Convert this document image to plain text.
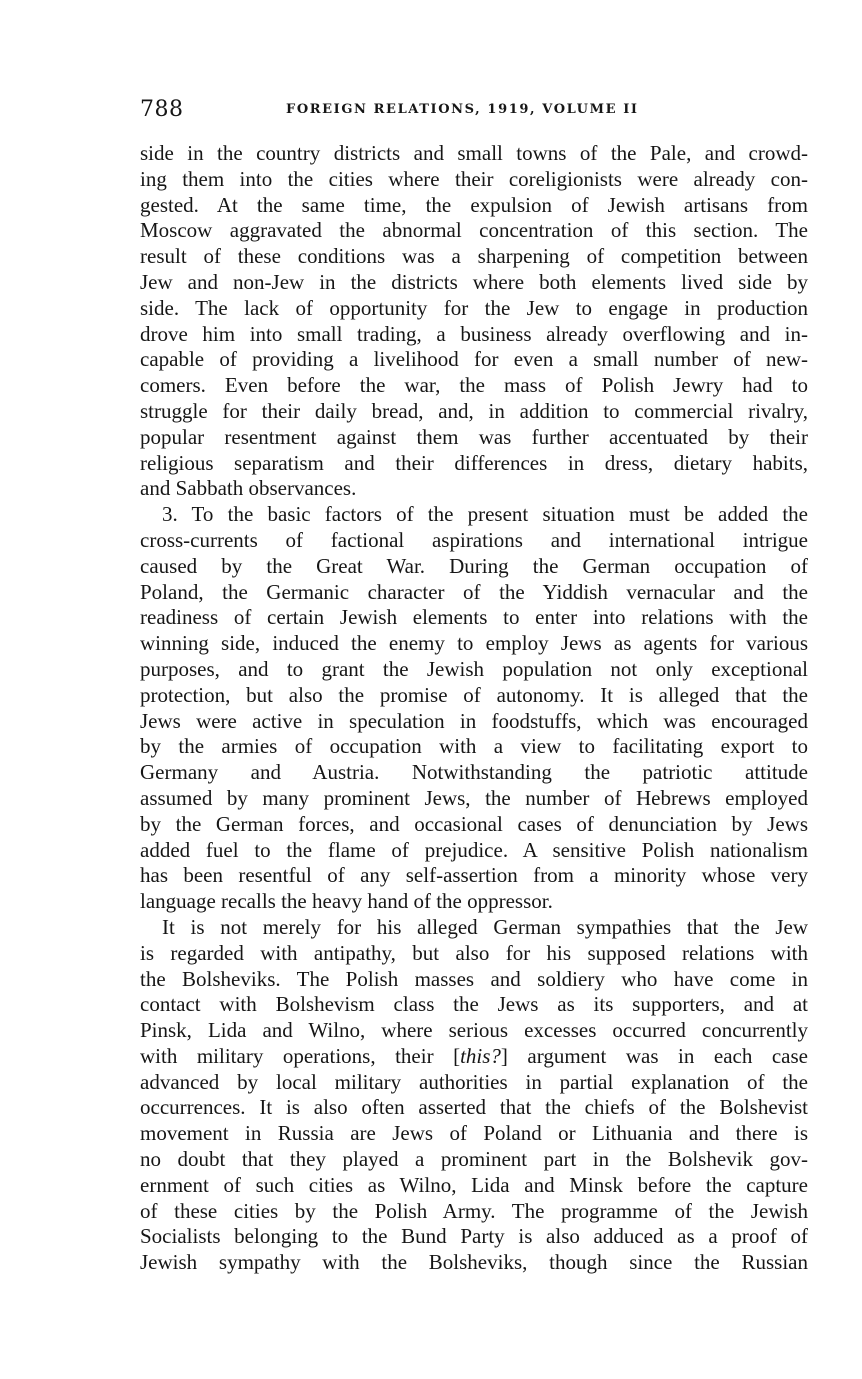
788	FOREIGN RELATIONS, 1919, VOLUME II
side in the country districts and small towns of the Pale, and crowd-
ing them into the cities where their coreligionists were already con-
gested. At the same time, the expulsion of Jewish artisans from
Moscow aggravated the abnormal concentration of this section. The
result of these conditions was a sharpening of competition between
Jew and non-Jew in the districts where both elements lived side by
side. The lack of opportunity for the Jew to engage in production
drove him into small trading, a business already overflowing and in-
capable of providing a livelihood for even a small number of new-
comers. Even before the war, the mass of Polish Jewry had to
struggle for their daily bread, and, in addition to commercial rivalry,
popular resentment against them was further accentuated by their
religious separatism and their differences in dress, dietary habits,
and Sabbath observances.
3. To the basic factors of the present situation must be added the
cross-currents of factional aspirations and international intrigue
caused by the Great War. During the German occupation of
Poland, the Germanic character of the Yiddish vernacular and the
readiness of certain Jewish elements to enter into relations with the
winning side, induced the enemy to employ Jews as agents for various
purposes, and to grant the Jewish population not only exceptional
protection, but also the promise of autonomy. It is alleged that the
Jews were active in speculation in foodstuffs, which was encouraged
by the armies of occupation with a view to facilitating export to
Germany and Austria. Notwithstanding the patriotic attitude
assumed by many prominent Jews, the number of Hebrews employed
by the German forces, and occasional cases of denunciation by Jews
added fuel to the flame of prejudice. A sensitive Polish nationalism
has been resentful of any self-assertion from a minority whose very
language recalls the heavy hand of the oppressor.
It is not merely for his alleged German sympathies that the Jew
is regarded with antipathy, but also for his supposed relations with
the Bolsheviks. The Polish masses and soldiery who have come in
contact with Bolshevism class the Jews as its supporters, and at
Pinsk, Lida and Wilno, where serious excesses occurred concurrently
with military operations, their [this?] argument was in each case
advanced by local military authorities in partial explanation of the
occurrences. It is also often asserted that the chiefs of the Bolshevist
movement in Russia are Jews of Poland or Lithuania and there is
no doubt that they played a prominent part in the Bolshevik gov-
ernment of such cities as Wilno, Lida and Minsk before the capture
of these cities by the Polish Army. The programme of the Jewish
Socialists belonging to the Bund Party is also adduced as a proof of
Jewish sympathy with the Bolsheviks, though since the Russian
